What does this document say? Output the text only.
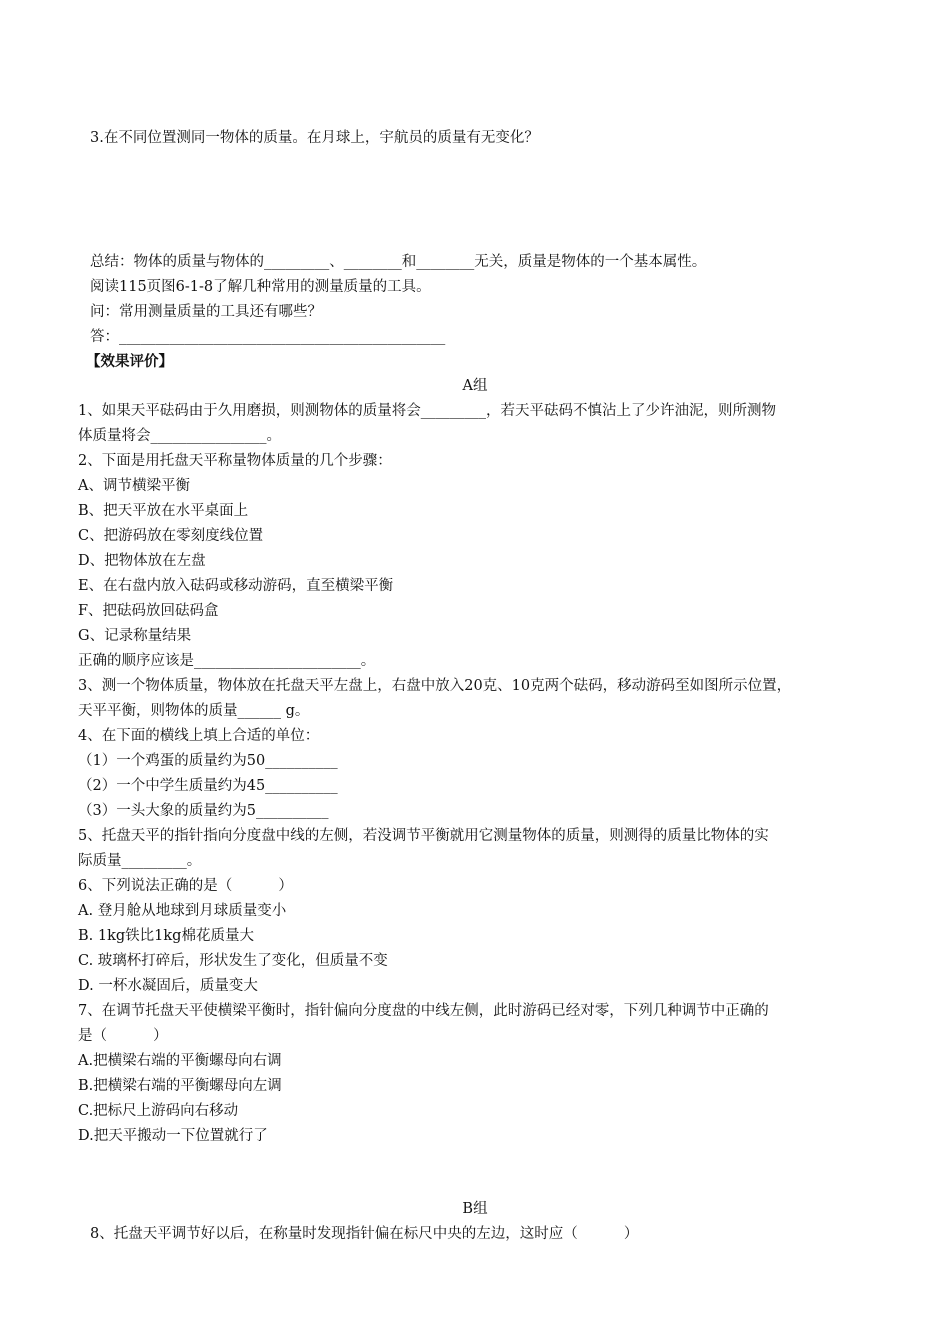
3.在不同位置测同一物体的质量。在月球上，宇航员的质量有无变化？
总结：物体的质量与物体的_________、________和________无关，质量是物体的一个基本属性。
阅读115页图6-1-8了解几种常用的测量质量的工具。
问：常用测量质量的工具还有哪些？
答：_____________________________________________
【效果评价】
A组
1、如果天平砝码由于久用磨损，则测物体的质量将会_________，若天平砝码不慎沾上了少许油泥，则所测物
体质量将会________________。
2、下面是用托盘天平称量物体质量的几个步骤：
A、调节横梁平衡
B、把天平放在水平桌面上
C、把游码放在零刻度线位置
D、把物体放在左盘
E、在右盘内放入砝码或移动游码，直至横梁平衡
F、把砝码放回砝码盒
G、记录称量结果
正确的顺序应该是_______________________。
3、测一个物体质量，物体放在托盘天平左盘上，右盘中放入20克、10克两个砝码，移动游码至如图所示位置，
天平平衡，则物体的质量______ g。
4、在下面的横线上填上合适的单位：
（1）一个鸡蛋的质量约为50__________
（2）一个中学生质量约为45__________
（3）一头大象的质量约为5__________
5、托盘天平的指针指向分度盘中线的左侧，若没调节平衡就用它测量物体的质量，则测得的质量比物体的实
际质量_________。
6、下列说法正确的是（          ）
A. 登月舱从地球到月球质量变小
B. 1kg铁比1kg棉花质量大
C. 玻璃杯打碎后，形状发生了变化，但质量不变
D. 一杯水凝固后，质量变大
7、在调节托盘天平使横梁平衡时，指针偏向分度盘的中线左侧，此时游码已经对零，下列几种调节中正确的
是（          ）
A.把横梁右端的平衡螺母向右调
B.把横梁右端的平衡螺母向左调
C.把标尺上游码向右移动
D.把天平搬动一下位置就行了
B组
8、托盘天平调节好以后，在称量时发现指针偏在标尺中央的左边，这时应（          ）
